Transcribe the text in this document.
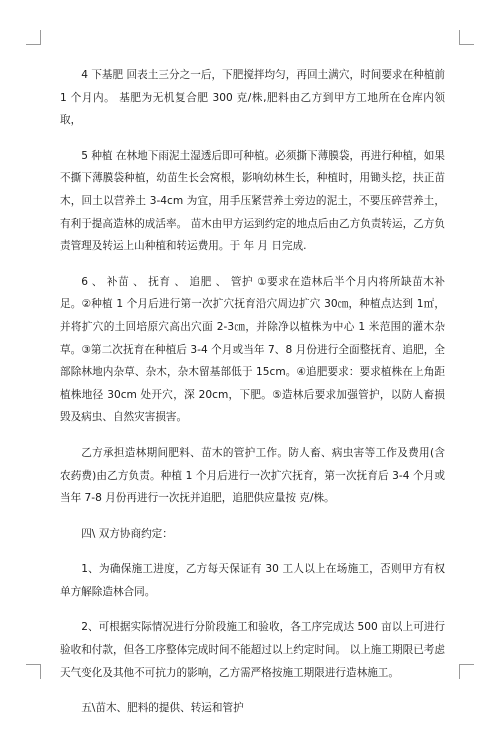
4 下基肥 回表土三分之一后，下肥搅拌均匀，再回土满穴，时间要求在种植前 1 个月内。 基肥为无机复合肥 300 克/株,肥料由乙方到甲方工地所在仓库内领取，

5 种植 在林地下雨泥土湿透后即可种植。必须撕下薄膜袋，再进行种植，如果不撕下薄膜袋种植，幼苗生长会窝根，影响幼林生长，种植时，用锄头挖，扶正苗木，回土以营养土 3-4cm 为宜，用手压紧营养土旁边的泥土，不要压碎营养土，有利于提高造林的成活率。 苗木由甲方运到约定的地点后由乙方负责转运，乙方负责管理及转运上山种植和转运费用。于 年 月 日完成.

6 、 补苗 、 抚育 、 追肥 、 管护 ①要求在造林后半个月内将所缺苗木补足。②种植 1 个月后进行第一次扩穴抚育沿穴周边扩穴 30㎝，种植点达到 1㎡，并将扩穴的土回培原穴高出穴面 2-3㎝，并除净以植株为中心 1 米范围的灌木杂草。③第二次抚育在种植后 3-4 个月或当年 7、8 月份进行全面整抚育、追肥，全部除林地内杂草、杂木，杂木留基部低于 15cm。④追肥要求：要求植株在上角距植株地径 30cm 处开穴，深 20cm，下肥。⑤造林后要求加强管护，以防人畜损毁及病虫、自然灾害损害。

乙方承担造林期间肥料、苗木的管护工作。防人畜、病虫害等工作及费用(含农药费)由乙方负责。种植 1 个月后进行一次扩穴抚育，第一次抚育后 3-4 个月或当年 7-8 月份再进行一次抚并追肥，追肥供应量按 克/株。

四\ 双方协商约定：

1、为确保施工进度，乙方每天保证有 30 工人以上在场施工，否则甲方有权单方解除造林合同。

2、可根据实际情况进行分阶段施工和验收，各工序完成达 500 亩以上可进行验收和付款，但各工序整体完成时间不能超过以上约定时间。 以上施工期限已考虑天气变化及其他不可抗力的影响，乙方需严格按施工期限进行造林施工。

五\苗木、肥料的提供、转运和管护
